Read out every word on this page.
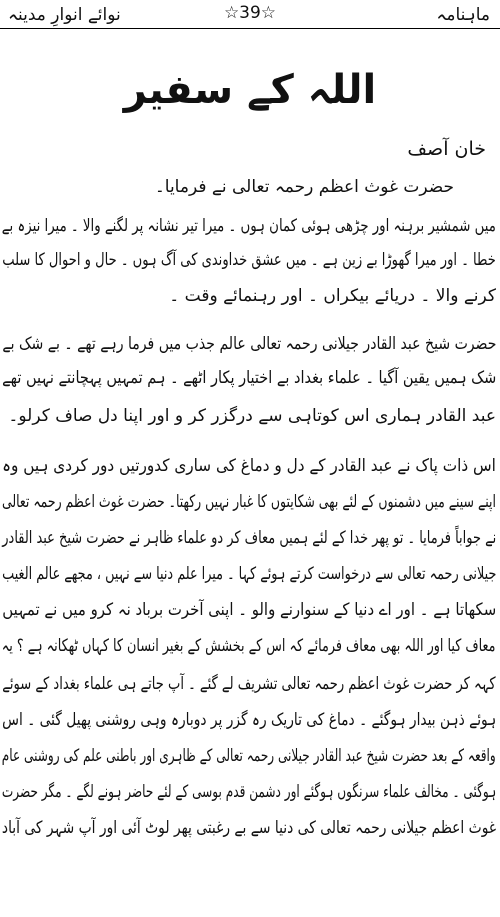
ماہنامہ
☆39☆
نوائے انوارِ مدینہ
اللہ کے سفیر
خان آصف
حضرت غوث اعظم رحمہ تعالی نے فرمایا۔
میں شمشیر برہنہ اور چڑھی ہوئی کمان ہوں ۔ میرا تیر نشانہ پر لگنے والا ۔ میرا نیزہ بے
خطا ۔ اور میرا گھوڑا بے زین ہے ۔ میں عشق خداوندی کی آگ ہوں ۔ حال و احوال کا سلب
کرنے والا ۔ دریائے بیکراں ۔ اور رہنمائے وقت ۔
حضرت شیخ عبد القادر جیلانی رحمہ تعالی عالم جذب میں فرما رہے تھے ۔ بے شک بے
شک ہمیں یقین آگیا ۔ علماء بغداد بے اختیار پکار اٹھے ۔ ہم تمہیں پہچانتے نہیں تھے
عبد القادر ہماری اس کوتاہی سے درگزر کر و اور اپنا دل صاف کرلو۔
اس ذات پاک نے عبد القادر کے دل و دماغ کی ساری کدورتیں دور کردی ہیں وہ
اپنے سینے میں دشمنوں کے لئے بھی شکایتوں کا غبار نہیں رکھتا۔ حضرت غوث اعظم رحمہ تعالی
نے جواباً فرمایا ۔ تو پھر خدا کے لئے ہمیں معاف کر دو علماء ظاہر نے حضرت شیخ عبد القادر
جیلانی رحمہ تعالی سے درخواست کرتے ہوئے کہا ۔ میرا علم دنیا سے نہیں ، مجھے عالم الغیب
سکھاتا ہے ۔ اور اے دنیا کے سنوارنے والو ۔ اپنی آخرت برباد نہ کرو میں نے تمہیں
معاف کیا اور اللہ بھی معاف فرمائے کہ اس کے بخشش کے بغیر انسان کا کہاں ٹھکانہ ہے ؟ یہ
کہہ کر حضرت غوث اعظم رحمہ تعالی تشریف لے گئے ۔ آپ جاتے ہی علماء بغداد کے سوئے
ہوئے ذہن بیدار ہوگئے ۔ دماغ کی تاریک رہ گزر پر دوبارہ وہی روشنی پھیل گئی ۔ اس
واقعہ کے بعد حضرت شیخ عبد القادر جیلانی رحمہ تعالی کے ظاہری اور باطنی علم کی روشنی عام
ہوگئی ۔ مخالف علماء سرنگوں ہوگئے اور دشمن قدم بوسی کے لئے حاضر ہونے لگے ۔ مگر حضرت
غوث اعظم جیلانی رحمہ تعالی کی دنیا سے بے رغبتی پھر لوٹ آئی اور آپ شہر کی آباد
